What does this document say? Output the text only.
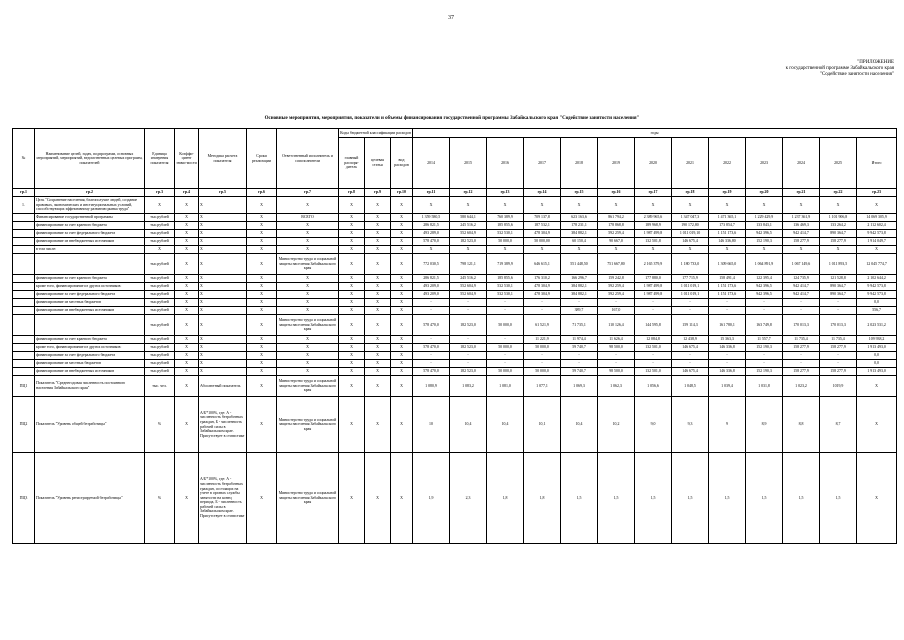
37
"ПРИЛОЖЕНИЕ
к государственной программе Забайкальского края
"Содействие занятости населения"
Основные мероприятия, мероприятия, показатели и объемы финансирования государственной программы Забайкальского края "Содействие занятости населения"
№	Наименование целей, задач, подпрограмм, основных мероприятий, мероприятий, ведомственных целевых программ, показателей	Единица измерения показателя	Коэффи-циент значи-мости	Методика расчета показателя	Сроки реализации	Ответственный исполнитель и соисполнители	Коды бюджетной классификации расходов			годы												
							главный распоря-дитель	целевая статья	вид расходов	2014	2015	2016	2017	2018	2019	2020	2021	2022	2023	2024	2025	Итого
гр.1	гр.2	гр.3	гр.4	гр.5	гр.6	гр.7	гр.8	гр.9	гр.10	гр.11	гр.12	гр.13	гр.14	гр.15	гр.16	гр.17	гр.18	гр.19	гр.20	гр.21	гр.22	гр.23
1.	Цель "Сохранение населения, благополучие людей, создание правовых, экономических и институциональных условий, способствующих эффективному развитию рынка труда"	X	X	X	X	X	X	X	X	X	X	X	X	X	X	X	X	X	X	X	X	X
	Финансирование государственной программы	тыс.рублей	X	X	X	ВСЕГО	X	X	X	1 359 580,5	580 644,1	760 389,9	709 137,8	623 163,6	861 794,2	2 389 965,6	1 347 047,3	1 471 365,1	1 229 429,9	1 237 361,9	1 101 906,8	14 069 305,9
	финансирование за счет краевого бюджета	тыс.рублей	X	X	X	X	X	X	X	286 821,5	245 516,2	185 855,6	187 532,1	178 231,1	178 868,8	189 968,9	190 172,80	173 854,7	133 843,1	136 469,3	133 264,2	2 112 602,4
	финансирование за счет федерального бюджета	тыс.рублей	X	X	X	X	X	X	X	493 289,0	552 604,9	532 530,1	478 304,9	384 882,1	592 259,4	1 987 499,8	1 011 019,10	1 151 173,6	942 396,5	942 414,7	890 364,7	9 942 573,8
	финансирование из внебюджетных источников	тыс.рублей	X	X	X	X	X	X	X	578 470,0	182 523,0	50 000,0	50 000,00	60 150,4	90 667,0	132 501,8	146 675,4	146 336,80	152 190,3	158 277,9	158 277,9	1 914 049,7
	в том числе:	X	X	X	X	X	X	X	X	X	X	X	X	X	X	X	X	X	X	X	X	X
		тыс.рублей	X	X	X	Министерство труда и социальной защиты населения Забайкальского края	X	X	X	772 030,5	798 121,1	719 389,9	646 615,1	551 448,50	751 667,80	2 165 379,9	1 180 733,0	1 309 665,0	1 064 891,9	1 067 149,6	1 011 893,5	12 045 774,7
	финансирование за счет краевого бюджета	тыс.рублей	X	X	X	X	X	X	X	286 821,5	245 516,2	185 855,6	176 310,2	166 296,7	159 242,8	177 880,0	177 715,9	158 491,4	122 395,4	124 735,9	121 528,8	2 102 644,2
	кроме того, финансирование из других источников:	тыс.рублей	X	X	X	X	X	X	X	493 209,0	552 604,9	532 530,1	478 304,9	384 882,1	592 259,4	1 987 499,8	1 011 019,1	1 151 173,6	942 396,5	942 414,7	890 364,7	9 942 573,8
	финансирование за счет федерального бюджета	тыс.рублей	X	X	X	X	X	X	X	493 209,0	552 604,9	532 530,1	478 304,9	384 882,1	592 259,4	1 987 499,8	1 011 019,1	1 151 173,6	942 396,5	942 414,7	890 364,7	9 942 573,8
	финансирование из местных бюджетов	тыс.рублей	X	X	X	X	X	X	X	-	-	-	-	-	-	-	-	-	-	-	-	0,0
	финансирование из внебюджетных источников	тыс.рублей	X	X	X	X	X	X	X	-	-	-	-	389,7	167,0	-	-	-	-	-	-	556,7
		тыс.рублей	X	X	X	Министерство труда и социальной защиты населения Забайкальского края	X	X	X	578 470,0	182 523,0	50 000,0	61 521,9	71 735,1	110 126,4	144 595,8	159 114,3	161 780,1	163 749,8	170 013,3	170 013,3	2 023 531,2
	финансирование за счет краевого бюджета	тыс.рублей	X	X	X	X	X	X	X	-	-	-	11 221,9	11 974,4	11 626,4	12 084,8	12 438,9	15 363,3	11 557,7	11 735,4	11 735,4	109 938,2
	кроме того, финансирование из других источников:	тыс.рублей	X	X	X	X	X	X	X	578 470,0	182 523,0	50 000,0	50 000,0	59 740,7	98 500,0	132 501,0	146 675,4	146 336,8	152 190,3	158 277,9	158 277,9	1 913 493,0
	финансирование за счет федерального бюджета	тыс.рублей	X	X	X	X	X	X	X	-	-	-	-	-	-	-	-	-	-	-	-	0,0
	финансирование из местных бюджетов	тыс.рублей	X	X	X	X	X	X	X	-	-	-	-	-	-	-	-	-	-	-	-	0,0
	финансирование из внебюджетных источников	тыс.рублей	X	X	X	X	X	X	X	578 470,0	182 523,0	50 000,0	50 000,0	59 740,7	98 500,0	132 501,0	146 675,4	146 336,8	152 190,3	158 277,9	158 277,9	1 913 493,0
ПЦ1	Показатель "Среднегодовая численность постоянного населения Забайкальского края"	тыс. чел.	X	Абсолютный показатель	X	Министерство труда и социальной защиты населения Забайкальского края	X	X	X	1 080,9	1 083,2	1 081,0	1 077,1	1 069,3	1 062,3	1 056,6	1 048,5	1 039,4	1 031,8	1 023,2	1019,9	X
ПЦ2	Показатель "Уровень общей безработицы"	%	X	А/Б*100%, где: А - численность безработных граждан, Б - численность рабочей силы в Забайкальском крае. Присутствует в статистике	X	Министерство труда и социальной защиты населения Забайкальского края	X	X	X	10	10,4	10,4	10,1	10,4	10,2	9,0	9,3	9	8,9	8,8	8,7	X
ПЦ3	Показатель "Уровень регистрируемой безработицы"	%	X	А/Б*100%, где: А - численность безработных граждан, состоящих на учете в органах службы занятости на конец периода, Б - численность рабочей силы в Забайкальском крае. Присутствует в статистике	X	Министерство труда и социальной защиты населения Забайкальского края	X	X	X	1,9	2,3	1,8	1,8	1,5	1,5	1,5	1,5	1,5	1,5	1,5	1,5	X
